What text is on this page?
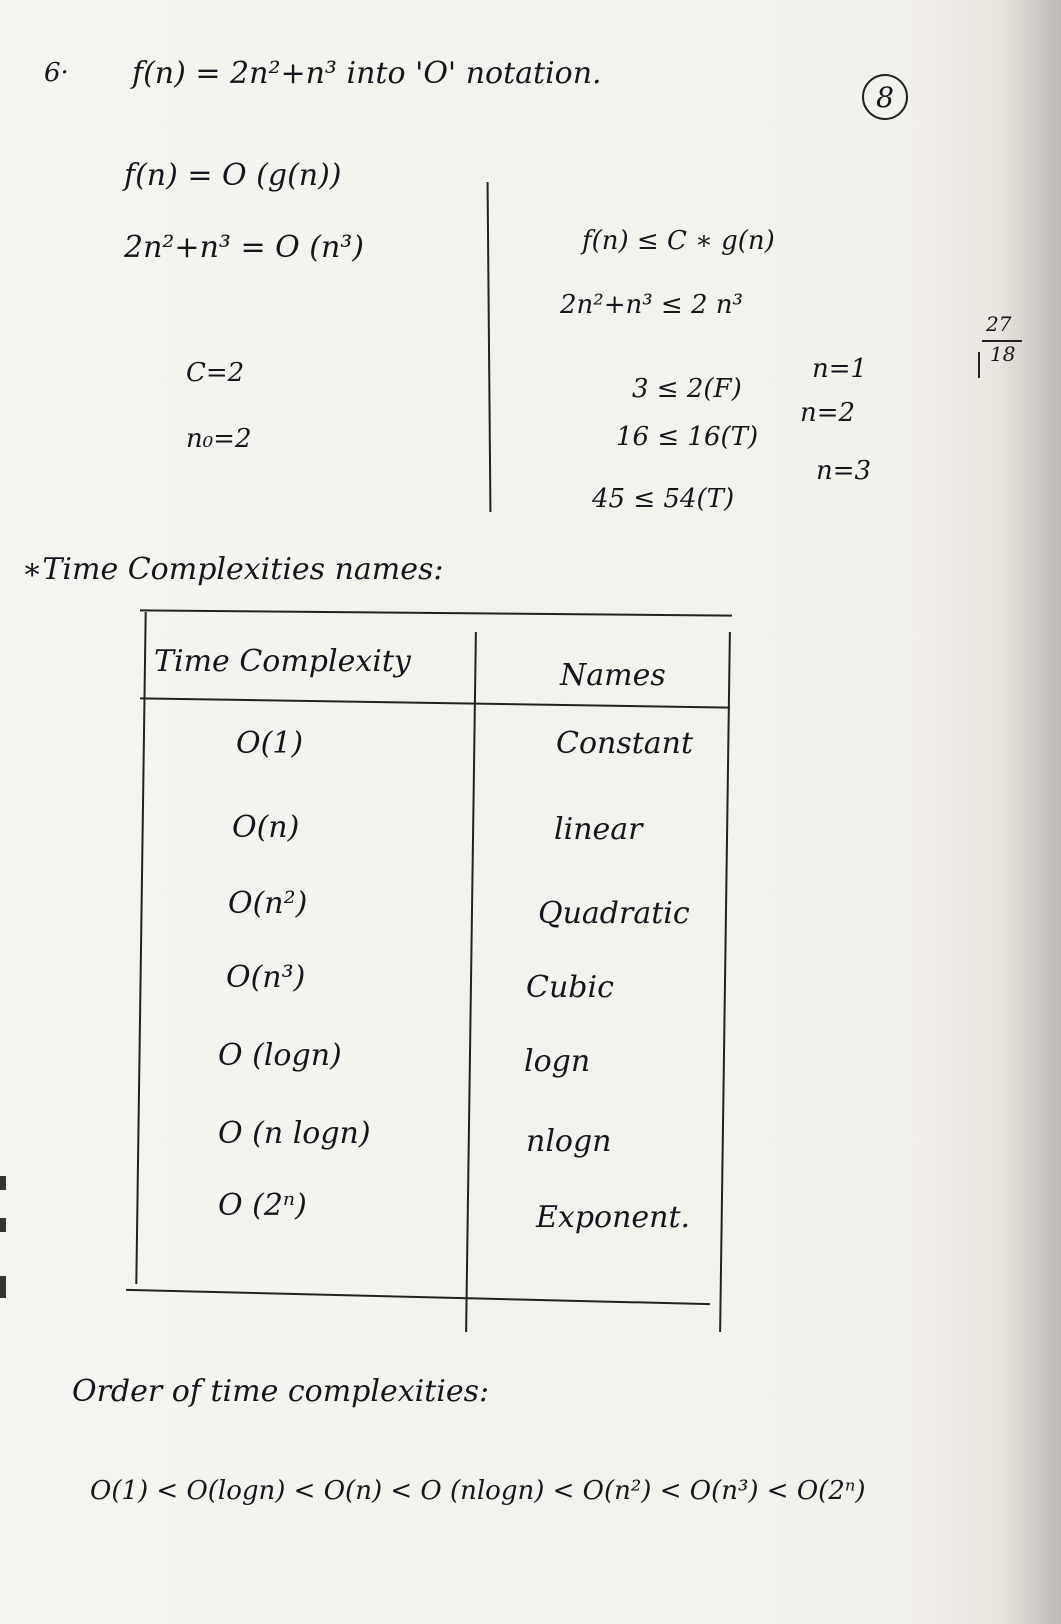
6· f(n) = 2n²+n³ into 'O' notation.
8
f(n) = O (g(n))
2n²+n³ = O (n³)
C=2
n₀=2
f(n) ≤ C ∗ g(n)
2n²+n³ ≤ 2 n³
3 ≤ 2(F)
n=1
16 ≤ 16(T)
n=2
45 ≤ 54(T)
n=3
27
18
∗Time Complexities names:
Time Complexity	Names
O(1)	Constant
O(n)	linear
O(n²)	Quadratic
O(n³)	Cubic
O (logn)	logn
O (n logn)	nlogn
O (2ⁿ)	Exponent.
Order of time complexities:
O(1) < O(logn) < O(n) < O (nlogn) < O(n²) < O(n³) < O(2ⁿ)
